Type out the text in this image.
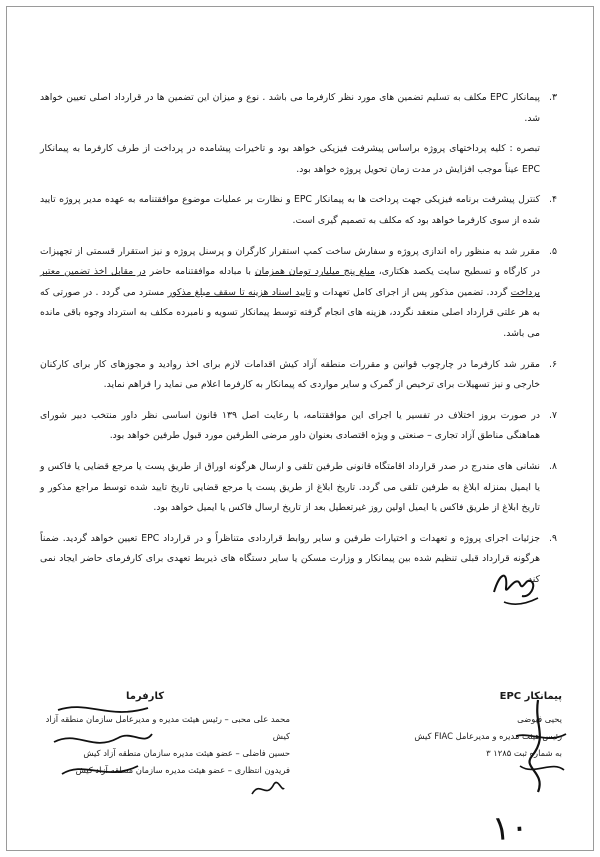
۳.
پیمانکار EPC مکلف به تسلیم تضمین های مورد نظر کارفرما می باشد . نوع و میزان این تضمین ها در قرارداد اصلی تعیین خواهد شد.
تبصره : کلیه پرداختهای پروژه براساس پیشرفت فیزیکی خواهد بود و تاخیرات پیشامده در پرداخت از طرف کارفرما به پیمانکار EPC عیناً موجب افزایش در مدت زمان تحویل پروژه خواهد بود.
۴.
کنترل پیشرفت برنامه فیزیکی جهت پرداخت ها به پیمانکار EPC و نظارت بر عملیات موضوع موافقتنامه به عهده مدیر پروژه تایید شده از سوی کارفرما خواهد بود که مکلف به تصمیم گیری است.
۵.
مقرر شد به منظور راه اندازی پروژه و سفارش ساخت کمپ استقرار کارگران و پرسنل پروژه و نیز استقرار قسمتی از تجهیزات در کارگاه و تسطیح سایت یکصد هکتاری، مبلغ پنج میلیارد تومان همزمان با مبادله موافقتنامه حاضر در مقابل اخذ تضمین معتبر پرداخت گردد. تضمین مذکور پس از اجرای کامل تعهدات و تایید اسناد هزینه تا سقف مبلغ مذکور مسترد می گردد . در صورتی که به هر علتی قرارداد اصلی منعقد نگردد، هزینه های انجام گرفته توسط پیمانکار تسویه و نامبرده مکلف به استرداد وجوه باقی مانده می باشد.
۶.
مقرر شد کارفرما در چارچوب قوانین و مقررات منطقه آزاد کیش اقدامات لازم برای اخذ روادید و مجوزهای کار برای کارکنان خارجی و نیز تسهیلات برای ترخیص از گمرک و سایر مواردی که پیمانکار به کارفرما اعلام می نماید را فراهم نماید.
۷.
در صورت بروز اختلاف در تفسیر یا اجرای این موافقتنامه، با رعایت اصل ۱۳۹ قانون اساسی نظر داور منتخب دبیر شورای هماهنگی مناطق آزاد تجاری – صنعتی و ویژه اقتصادی بعنوان داور مرضی الطرفین مورد قبول طرفین خواهد بود.
۸.
نشانی های مندرج در صدر قرارداد اقامتگاه قانونی طرفین تلقی و ارسال هرگونه اوراق از طریق پست یا مرجع قضایی یا فاکس و یا ایمیل بمنزله ابلاغ به طرفین تلقی می گردد. تاریخ ابلاغ از طریق پست یا مرجع قضایی تاریخ تایید شده توسط مراجع مذکور و تاریخ ابلاغ از طریق فاکس یا ایمیل اولین روز غیرتعطیل بعد از تاریخ ارسال فاکس یا ایمیل خواهد بود.
۹.
جزئیات اجرای پروژه و تعهدات و اختیارات طرفین و سایر روابط قراردادی متناظراً و در قرارداد EPC تعیین خواهد گردید. ضمناً هرگونه قرارداد قبلی تنظیم شده بین پیمانکار و وزارت مسکن یا سایر دستگاه های ذیربط تعهدی برای کارفرمای حاضر ایجاد نمی کند.
پیمانکار EPC
یحیی فیوضی
رئیس هیئت مدیره و مدیرعامل FIAC کیش
به شماره ثبت ۱۲۸۵ ۳
کارفرما
محمد علی محبی – رئیس هیئت مدیره و مدیرعامل سازمان منطقه آزاد کیش
حسین فاضلی – عضو هیئت مدیره سازمان منطقه آزاد کیش
فریدون انتظاری – عضو هیئت مدیره سازمان منطقه آزاد کیش
۱۰
